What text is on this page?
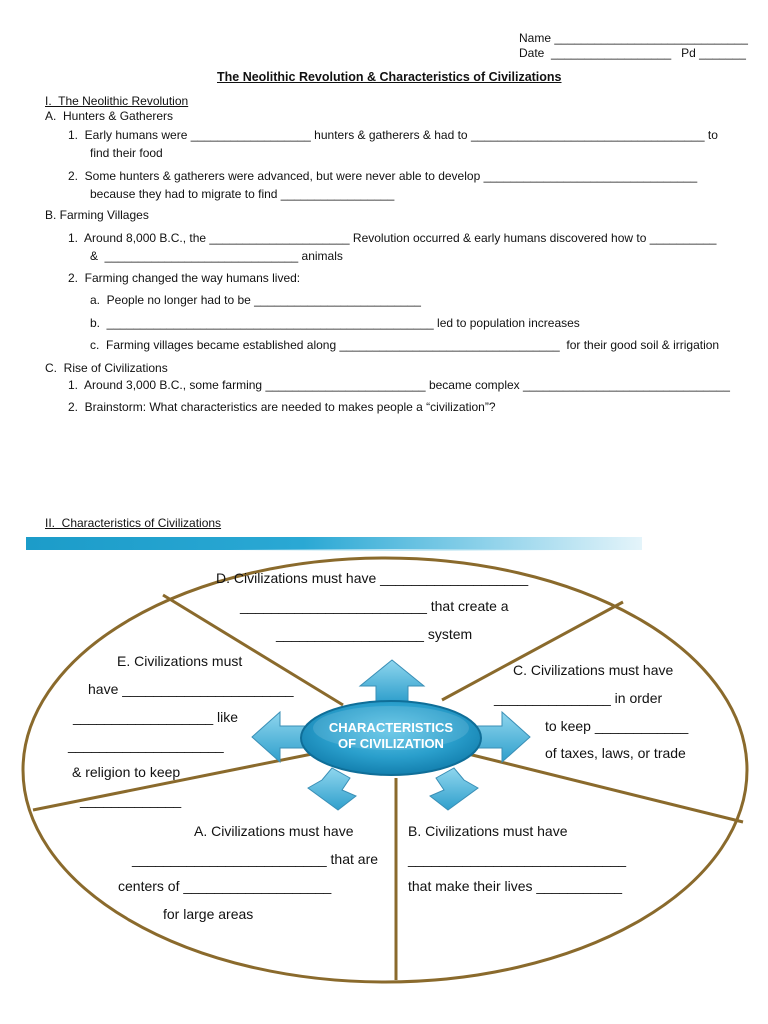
Name _____________________________
Date  __________________   Pd _______
The Neolithic Revolution & Characteristics of Civilizations
I.  The Neolithic Revolution
A.  Hunters & Gatherers
1.  Early humans were __________________ hunters & gatherers & had to ___________________________________ to
find their food
2.  Some hunters & gatherers were advanced, but were never able to develop ________________________________
because they had to migrate to find _________________
B. Farming Villages
1.  Around 8,000 B.C., the _____________________ Revolution occurred & early humans discovered how to __________
&  _____________________________ animals
2.  Farming changed the way humans lived:
a.  People no longer had to be _________________________
b.  _________________________________________________ led to population increases
c.  Farming villages became established along _________________________________  for their good soil & irrigation
C.  Rise of Civilizations
1.  Around 3,000 B.C., some farming ________________________ became complex _______________________________
2.  Brainstorm: What characteristics are needed to makes people a “civilization”?
II.  Characteristics of Civilizations
CHARACTERISTICS
OF CIVILIZATION
D. Civilizations must have ___________________
________________________ that create a
___________________ system
E. Civilizations must
have ______________________
__________________ like
____________________
& religion to keep
_____________
C. Civilizations must have
_______________ in order
to keep ____________
of taxes, laws, or trade
A. Civilizations must have
_________________________ that are
centers of ___________________
for large areas
B. Civilizations must have
____________________________
that make their lives ___________
